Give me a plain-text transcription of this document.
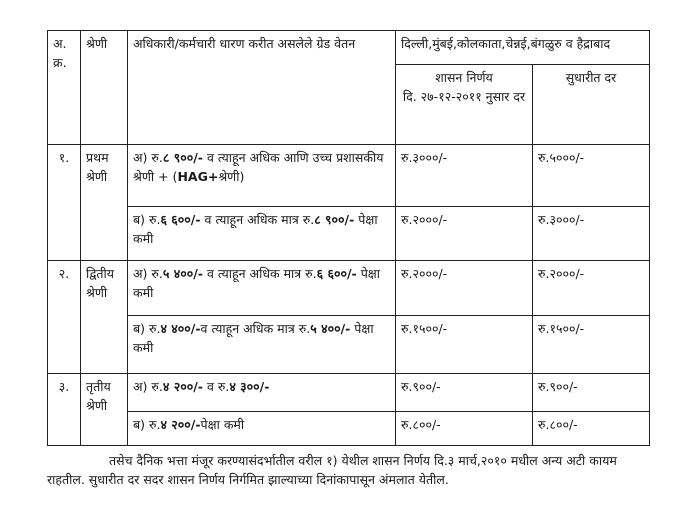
अ. क्र.	श्रेणी	अधिकारी/कर्मचारी धारण करीत असलेले ग्रेड वेतन	दिल्ली,मुंबई,कोलकाता,चेन्नई,बंगळुरु व हैद्राबाद	

			शासन निर्णय
दि. २७-१२-२०११ नुसार दर	सुधारीत दर
१.	प्रथम श्रेणी	अ) रु.८ ९००/- व त्याहून अधिक आणि उच्च प्रशासकीय श्रेणी + (HAG+श्रेणी)	रु.३०००/-	रु.५०००/-
		ब) रु.६ ६००/- व त्याहून अधिक मात्र रु.८ ९००/- पेक्षा कमी	रु.२०००/-	रु.३०००/-
२.	द्वितीय श्रेणी	अ) रु.५ ४००/- व त्याहून अधिक मात्र रु.६ ६००/- पेक्षा कमी	रु.२०००/-	रु.२०००/-
		ब) रु.४ ४००/-व त्याहून अधिक मात्र रु.५ ४००/- पेक्षा कमी	रु.१५००/-	रु.१५००/-
३.	तृतीय श्रेणी	अ) रु.४ २००/- व रु.४ ३००/-	रु.९००/-	रु.९००/-
		ब) रु.४ २००/-पेक्षा कमी	रु.८००/-	रु.८००/-
तसेच दैनिक भत्ता मंजूर करण्यासंदर्भातील वरील १) येथील शासन निर्णय दि.३ मार्च,२०१० मधील अन्य अटी कायम राहतील. सुधारीत दर सदर शासन निर्णय निर्गमित झाल्याच्या दिनांकापासून अंमलात येतील.
